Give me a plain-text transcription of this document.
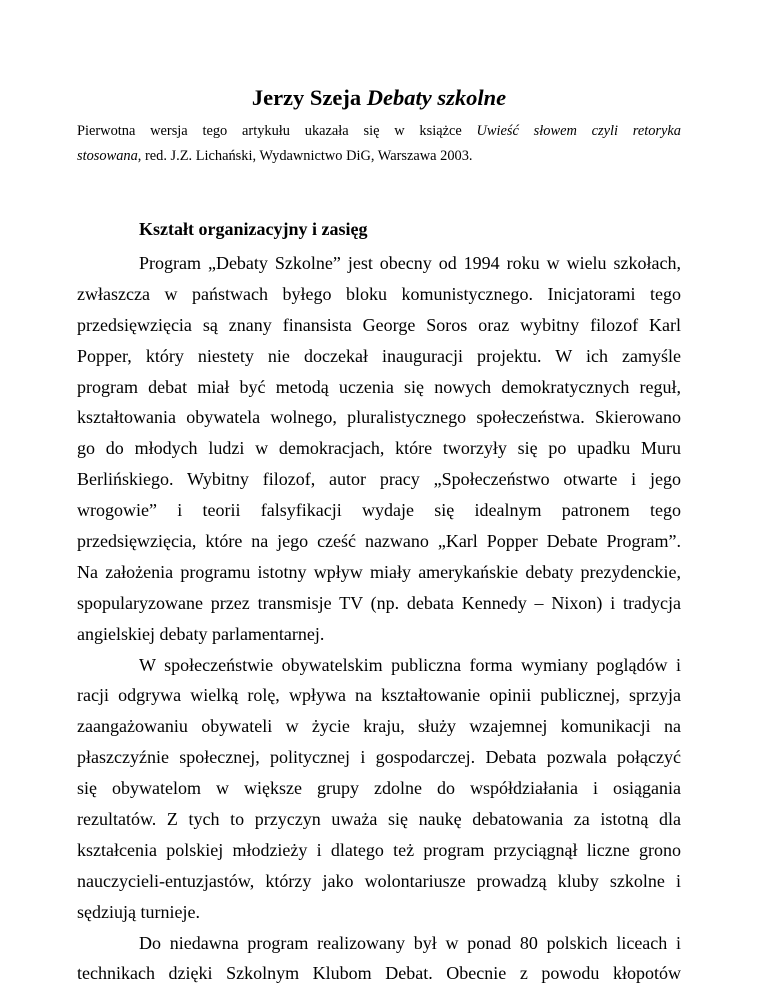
Jerzy Szeja Debaty szkolne
Pierwotna wersja tego artykułu ukazała się w książce Uwieść słowem czyli retoryka
stosowana, red. J.Z. Lichański, Wydawnictwo DiG, Warszawa 2003.
Kształt organizacyjny i zasięg
Program „Debaty Szkolne” jest obecny od 1994 roku w wielu szkołach,
zwłaszcza w państwach byłego bloku komunistycznego. Inicjatorami tego
przedsięwzięcia są znany finansista George Soros oraz wybitny filozof Karl
Popper, który niestety nie doczekał inauguracji projektu. W ich zamyśle
program debat miał być metodą uczenia się nowych demokratycznych reguł,
kształtowania obywatela wolnego, pluralistycznego społeczeństwa. Skierowano
go do młodych ludzi w demokracjach, które tworzyły się po upadku Muru
Berlińskiego. Wybitny filozof, autor pracy „Społeczeństwo otwarte i jego
wrogowie” i teorii falsyfikacji wydaje się idealnym patronem tego
przedsięwzięcia, które na jego cześć nazwano „Karl Popper Debate Program”.
Na założenia programu istotny wpływ miały amerykańskie debaty prezydenckie,
spopularyzowane przez transmisje TV (np. debata Kennedy – Nixon) i tradycja
angielskiej debaty parlamentarnej.
W społeczeństwie obywatelskim publiczna forma wymiany poglądów i
racji odgrywa wielką rolę, wpływa na kształtowanie opinii publicznej, sprzyja
zaangażowaniu obywateli w życie kraju, służy wzajemnej komunikacji na
płaszczyźnie społecznej, politycznej i gospodarczej. Debata pozwala połączyć
się obywatelom w większe grupy zdolne do współdziałania i osiągania
rezultatów. Z tych to przyczyn uważa się naukę debatowania za istotną dla
kształcenia polskiej młodzieży i dlatego też program przyciągnął liczne grono
nauczycieli-entuzjastów, którzy jako wolontariusze prowadzą kluby szkolne i
sędziują turnieje.
Do niedawna program realizowany był w ponad 80 polskich liceach i
technikach dzięki Szkolnym Klubom Debat. Obecnie z powodu kłopotów
